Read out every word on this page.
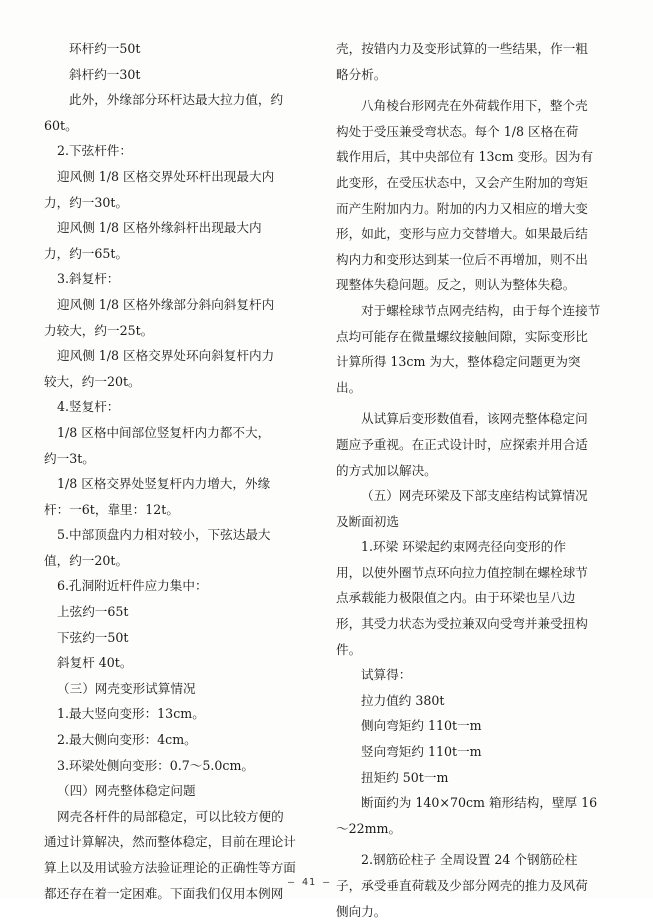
环杆约一50t
斜杆约一30t
此外，外缘部分环杆达最大拉力值，约
60t。
2.下弦杆件：
迎风侧 1/8 区格交界处环杆出现最大内
力，约一30t。
迎风侧 1/8 区格外缘斜杆出现最大内
力，约一65t。
3.斜复杆：
迎风侧 1/8 区格外缘部分斜向斜复杆内
力较大，约一25t。
迎风侧 1/8 区格交界处环向斜复杆内力
较大，约一20t。
4.竖复杆：
1/8 区格中间部位竖复杆内力都不大，
约一3t。
1/8 区格交界处竖复杆内力增大，外缘
杆：一6t，靠里：12t。
5.中部顶盘内力相对较小，下弦达最大
值，约一20t。
6.孔洞附近杆件应力集中：
上弦约一65t
下弦约一50t
斜复杆 40t。
（三）网壳变形试算情况
1.最大竖向变形：13cm。
2.最大侧向变形：4cm。
3.环梁处侧向变形：0.7～5.0cm。
（四）网壳整体稳定问题
网壳各杆件的局部稳定，可以比较方便的
通过计算解决，然而整体稳定，目前在理论计
算上以及用试验方法验证理论的正确性等方面
都还存在着一定困难。下面我们仅用本例网
壳，按错内力及变形试算的一些结果，作一粗
略分析。
八角棱台形网壳在外荷载作用下，整个壳
构处于受压兼受弯状态。每个 1/8 区格在荷
载作用后，其中央部位有 13cm 变形。因为有
此变形，在受压状态中，又会产生附加的弯矩
而产生附加内力。附加的内力又相应的增大变
形，如此，变形与应力交替增大。如果最后结
构内力和变形达到某一位后不再增加，则不出
现整体失稳问题。反之，则认为整体失稳。
对于螺栓球节点网壳结构，由于每个连接节
点均可能存在微量螺纹接触间隙，实际变形比
计算所得 13cm 为大，整体稳定问题更为突
出。
从试算后变形数值看，该网壳整体稳定问
题应予重视。在正式设计时，应探索并用合适
的方式加以解决。
（五）网壳环梁及下部支座结构试算情况
及断面初选
1.环梁 环梁起约束网壳径向变形的作
用，以使外圈节点环向拉力值控制在螺栓球节
点承载能力极限值之内。由于环梁也呈八边
形，其受力状态为受拉兼双向受弯并兼受扭构
件。
试算得：
拉力值约 380t
侧向弯矩约 110t一m
竖向弯矩约 110t一m
扭矩约 50t一m
断面约为 140×70cm 箱形结构，壁厚 16
～22mm。
2.钢筋砼柱子 全周设置 24 个钢筋砼柱
子，承受垂直荷载及少部分网壳的推力及风荷
侧向力。
— 41 —
